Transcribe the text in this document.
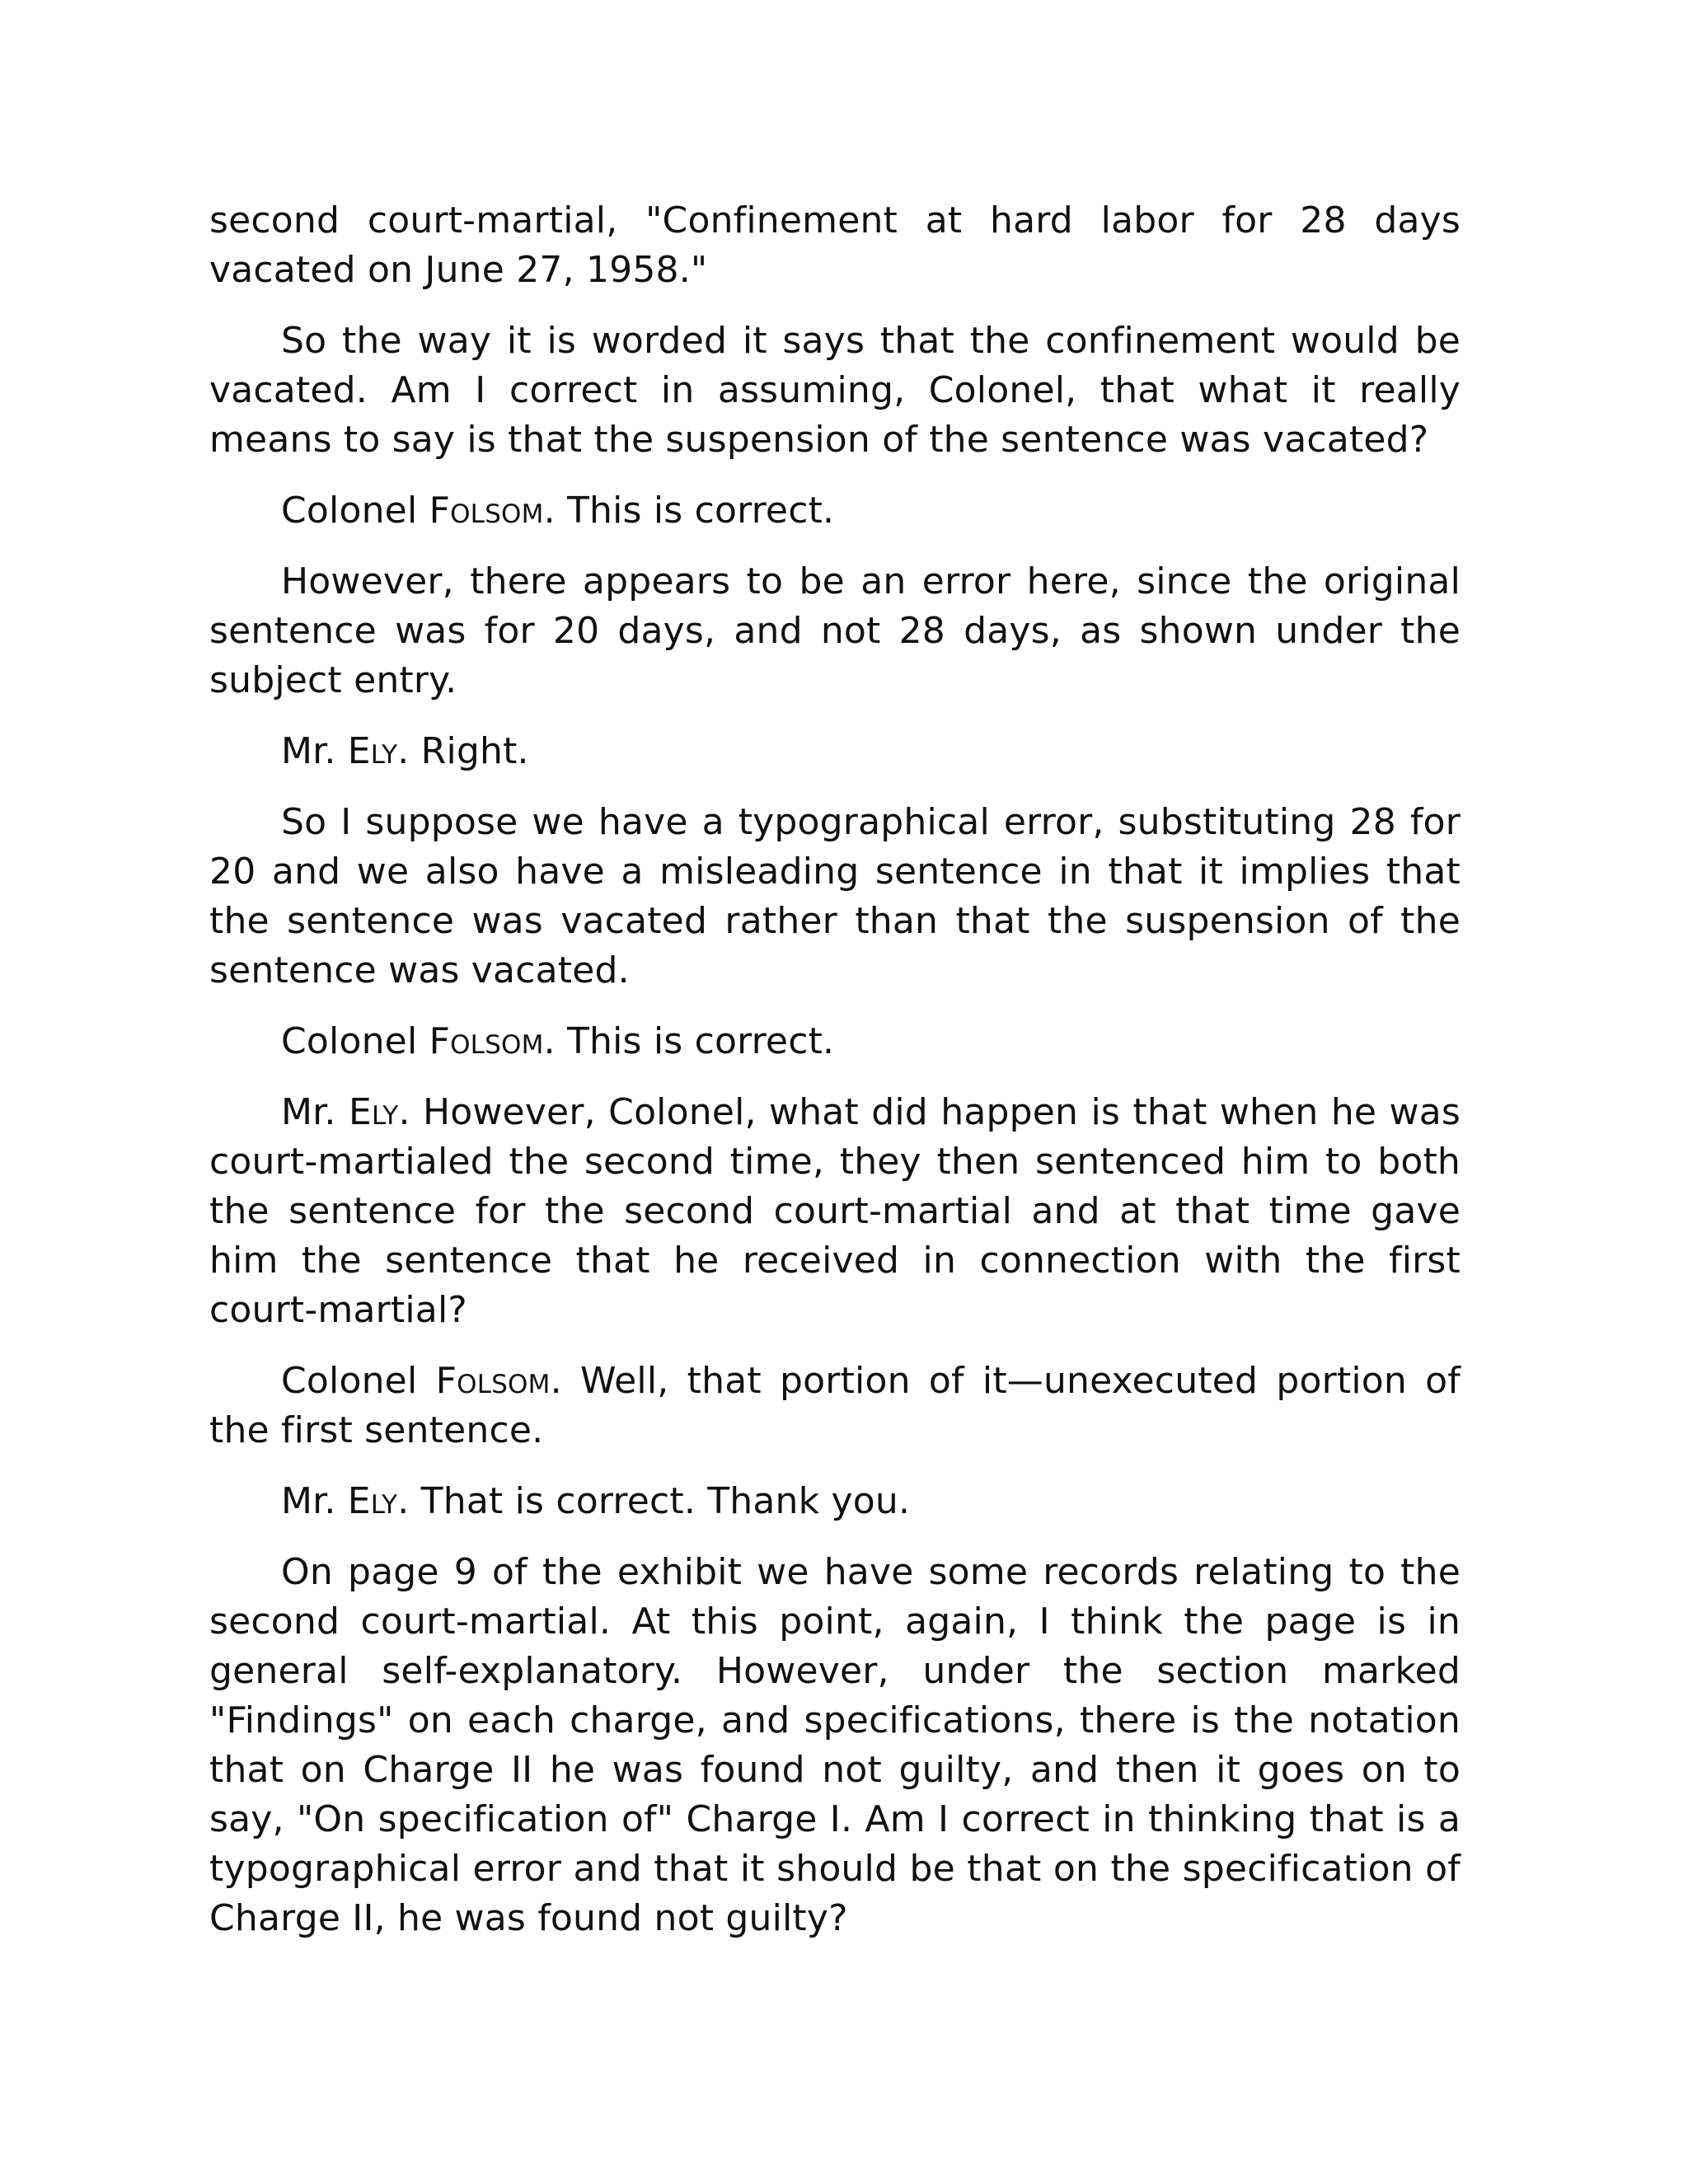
second court-martial, "Confinement at hard labor for 28 days vacated on June 27, 1958."

So the way it is worded it says that the confinement would be vacated. Am I correct in assuming, Colonel, that what it really means to say is that the suspension of the sentence was vacated?

Colonel Folsom. This is correct.

However, there appears to be an error here, since the original sentence was for 20 days, and not 28 days, as shown under the subject entry.

Mr. Ely. Right.

So I suppose we have a typographical error, substituting 28 for 20 and we also have a misleading sentence in that it implies that the sentence was vacated rather than that the suspension of the sentence was vacated.

Colonel Folsom. This is correct.

Mr. Ely. However, Colonel, what did happen is that when he was court-martialed the second time, they then sentenced him to both the sentence for the second court-martial and at that time gave him the sentence that he received in connection with the first court-martial?

Colonel Folsom. Well, that portion of it—unexecuted portion of the first sentence.

Mr. Ely. That is correct. Thank you.

On page 9 of the exhibit we have some records relating to the second court-martial. At this point, again, I think the page is in general self-explanatory. However, under the section marked "Findings" on each charge, and specifications, there is the notation that on Charge II he was found not guilty, and then it goes on to say, "On specification of" Charge I. Am I correct in thinking that is a typographical error and that it should be that on the specification of Charge II, he was found not guilty?
